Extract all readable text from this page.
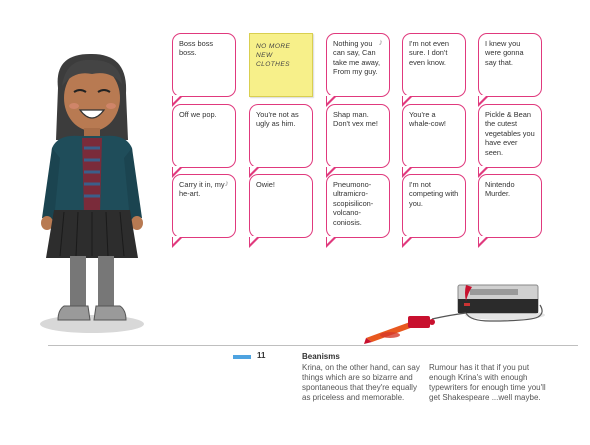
Boss boss boss.
NO MORE NEW CLOTHES
Nothing you can say, Can take me away, From my guy.
♪	I'm not even sure. I don't even know.
I knew you were gonna say that.
Off we pop.	You're not as ugly as him.
Shap man. Don't vex me!
You're a whale-cow!
Pickle & Bean the cutest vegetables you have ever seen.
Carry it in, my he-art.
♪	Owie!	Pneumono-ultramicro-scopisilicon-volcano-coniosis.
I'm not competing with you.
Nintendo Murder.
11	Beanisms
Krina, on the other hand, can say things which are so bizarre and spontaneous that they're equally as priceless and memorable.
Rumour has it that if you put enough Krina's with enough typewriters for enough time you'll get Shakespeare ...well maybe.
